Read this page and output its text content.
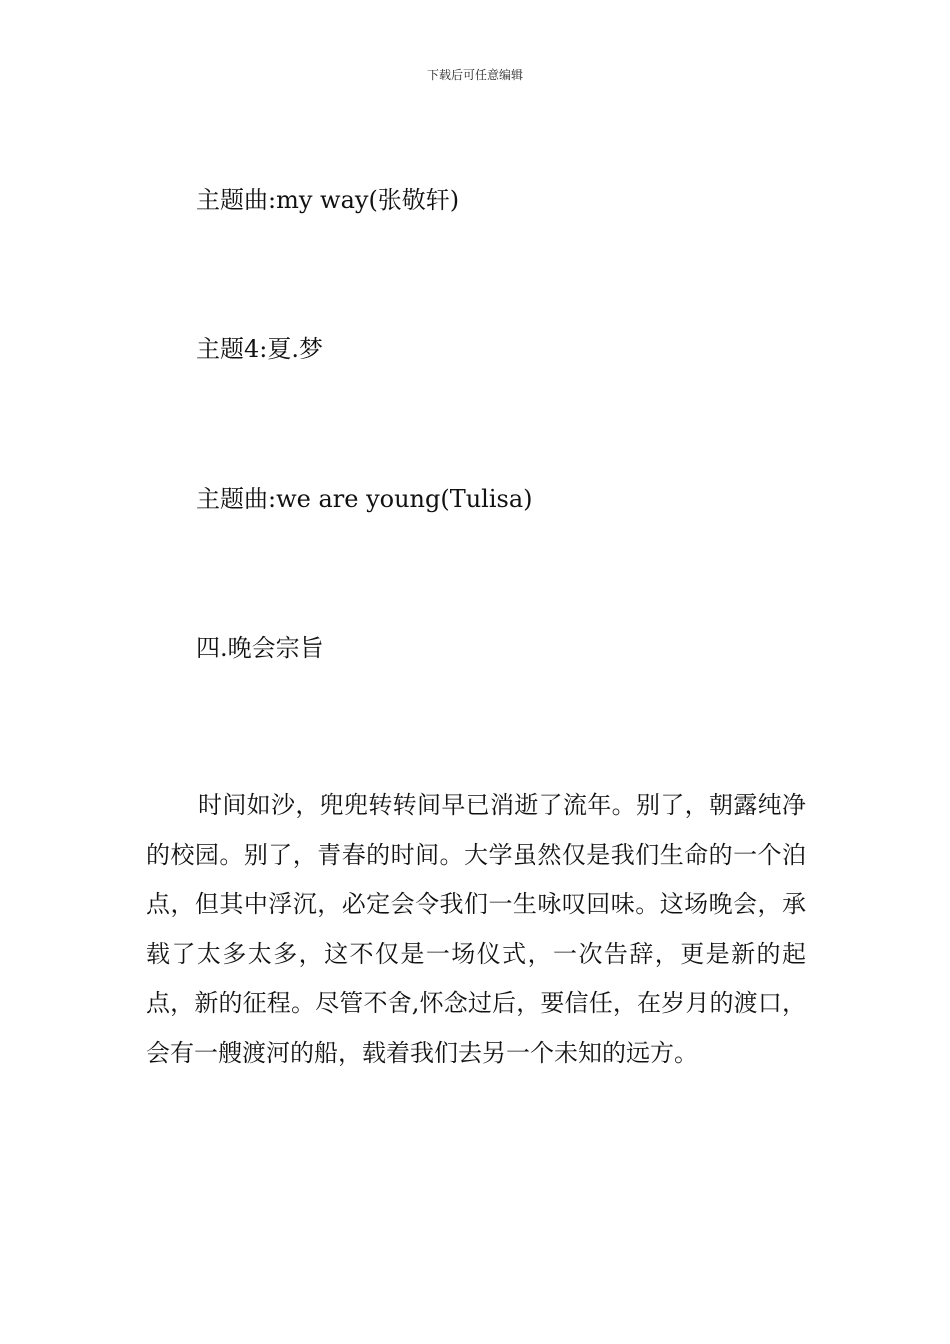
下载后可任意编辑
主题曲:my way(张敬轩)
主题4:夏.梦
主题曲:we are young(Tulisa)
四.晚会宗旨
时间如沙，兜兜转转间早已消逝了流年。别了，朝露纯净的校园。别了，青春的时间。大学虽然仅是我们生命的一个泊点，但其中浮沉，必定会令我们一生咏叹回味。这场晚会，承载了太多太多，这不仅是一场仪式，一次告辞，更是新的起点，新的征程。尽管不舍,怀念过后，要信任，在岁月的渡口，会有一艘渡河的船，载着我们去另一个未知的远方。
